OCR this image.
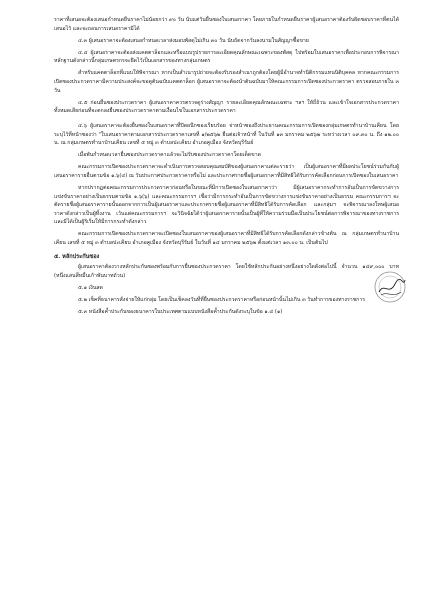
ราคาที่เสนอจะต้องเสนอกำหนดยืนราคาไม่น้อยกว่า ๙๐ วัน นับแต่วันยื่นซองใบเสนอราคา โดยภายในกำหนดยืนราคาผู้เสนอราคาต้องรับผิดชอบราคาที่ตนได้เสนอไว้ และจะถอนการเสนอราคามิได้

๔.๓ ผู้เสนอราคาจะต้องเสนอกำหนดเวลาส่งมอบพัสดุไม่เกิน ๓๐ วัน นับถัดจากวันลงนามในสัญญาซื้อขาย

๔.๔ ผู้เสนอราคาจะต้องส่งแคตตาล็อกและหรือแบบรูปรายการละเอียดคุณลักษณะเฉพาะของพัสดุ ไปพร้อมใบเสนอราคาเพื่อประกอบการพิจารณา หลักฐานดังกล่าวนี้กลุ่มเกษตรกรจะยึดไว้เป็นเอกสารของทางกลุ่มเกษตร

สำหรับแคตตาล็อกที่แนบให้พิจารณา หากเป็นสำเนารูปถ่ายจะต้องรับรองสำเนาถูกต้องโดยผู้มีอำนาจทำนิติกรรมแทนนิติบุคคล หากคณะกรรมการเปิดซองประกวดราคามีความประสงค์จะขอดูต้นฉบับแคตตาล็อก ผู้เสนอราคาจะต้องนำต้นฉบับมาให้คณะกรรมการเปิดซองประกวดราคา ตรวจสอบภายใน ๓ วัน

๔.๕ ก่อนยื่นซองประกวดราคา ผู้เสนอราคาควรตรวจดูร่างสัญญา รายละเอียดคุณลักษณะเฉพาะ ฯลฯ ให้ถี่ถ้วน และเข้าใจเอกสารประกวดราคาทั้งหมดเสียก่อนที่จะตกลงยื่นซองประกวดราคาตามเงื่อนไขในเอกสารประกวดราคา

๔.๖ ผู้เสนอราคาจะต้องยื่นซองใบเสนอราคาที่ปิดผนึกซองเรียบร้อย จ่าหน้าซองถึงประธานคณะกรรมการเปิดซองกลุ่มเกษตรทำนาบ้านเคียน โดยระบุไว้ที่หน้าซองว่า "ใบเสนอราคาตามเอกสารประกวดราคาเลขที่ ๑/๒๕๖๒ ยื่นต่อเจ้าหน้าที่ ในวันที่ ๑๓ มกราคม ๒๕๖๒ ระหว่างเวลา ๐๙.๓๐ น. ถึง ๑๒.๐๐ น. ณ กลุ่มเกษตรทำนาบ้านเคียน เลขที่ ๕ หมู่ ๓ ตำบลปะเคียบ อำเภอคูเมือง จังหวัดบุรีรัมย์

เมื่อพ้นกำหนดเวลายื่นซองประกวดราคาแล้วจะไม่รับซองประกวดราคาโดยเด็ดขาด

คณะกรรมการเปิดซองประกวดราคาจะดำเนินการตรวจสอบคุณสมบัติของผู้เสนอราคาแต่ละรายว่า เป็นผู้เสนอราคาที่มีผลประโยชน์ร่วมกันกับผู้เสนอราคารายอื่นตามข้อ ๑.๖(๔) ณ วันประกาศประกวดราคาหรือไม่ และประกาศรายชื่อผู้เสนอราคาที่มีสิทธิได้รับการคัดเลือกก่อนการเปิดซองใบเสนอราคา

หากปรากฏต่อคณะกรรมการประกวดราคาก่อนหรือในขณะที่มีการเปิดซองใบเสนอราคาว่า มีผู้เสนอราคากระทำการอันเป็นการขัดขวางการแข่งขันราคาอย่างเป็นธรรมตามข้อ ๑.๖(๖) และคณะกรรมการฯ เชื่อว่ามีการกระทำอันเป็นการขัดขวางการแข่งขันราคาอย่างเป็นธรรม คณะกรรมการฯ จะตัดรายชื่อผู้เสนอราคารายนั้นออกจากการเป็นผู้เสนอราคาและประกาศรายชื่อผู้เสนอราคาที่มีสิทธิได้รับการคัดเลือก และกลุ่มฯ จะพิจารณาลงโทษผู้เสนอราคาดังกล่าวเป็นผู้ทิ้งงาน เว้นแต่คณะกรรมการฯ จะวินิจฉัยได้ว่าผู้เสนอราคารายนั้นเป็นผู้ที่ให้ความร่วมมือเป็นประโยชน์ต่อการพิจารณาของทางราชการ และมิได้เป็นผู้ริเริ่มให้มีการกระทำดังกล่าว

คณะกรรมการเปิดซองประกวดราคาจะเปิดซองใบเสนอราคาของผู้เสนอราคาที่มีสิทธิได้รับการคัดเลือกดังกล่าวข้างต้น ณ กลุ่มเกษตรทำนาบ้านเคียน เลขที่ ๕ หมู่ ๓ ตำบลปะเคียบ อำเภอคูเมือง จังหวัดบุรีรัมย์ ในวันที่ ๑๔ มกราคม ๒๕๖๒ ตั้งแต่เวลา ๑๓.๐๐ น. เป็นต้นไป

๕. หลักประกันซอง

ผู้เสนอราคาต้องวางหลักประกันซองพร้อมกับการยื่นซองประกวดราคา โดยใช้หลักประกันอย่างหนึ่งอย่างใดดังต่อไปนี้ จำนวน ๑๔๙,๐๐๐ บาท (หนึ่งแสนสี่หมื่นเก้าพันบาทถ้วน)

๕.๑ เงินสด

๕.๒ เช็คที่ธนาคารสั่งจ่ายให้แก่กลุ่ม โดยเป็นเช็คลงวันที่ที่ยื่นซองประกวดราคาหรือก่อนหน้านั้นไม่เกิน ๓ วันทำการของทางราชการ

๕.๓ หนังสือค้ำประกันของธนาคารในประเทศตามแบบหนังสือค้ำประกันดังระบุในข้อ ๑.๔ (๑)
